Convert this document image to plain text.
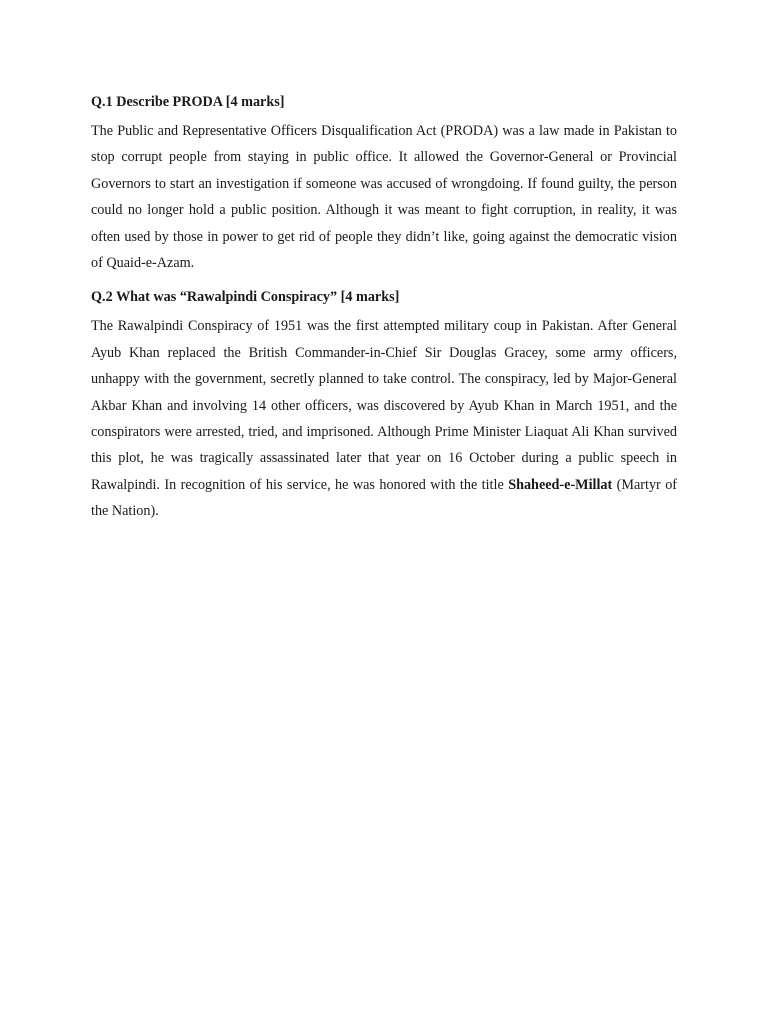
Q.1 Describe PRODA [4 marks]

The Public and Representative Officers Disqualification Act (PRODA) was a law made in Pakistan to stop corrupt people from staying in public office. It allowed the Governor-General or Provincial Governors to start an investigation if someone was accused of wrongdoing. If found guilty, the person could no longer hold a public position. Although it was meant to fight corruption, in reality, it was often used by those in power to get rid of people they didn’t like, going against the democratic vision of Quaid-e-Azam.

Q.2 What was “Rawalpindi Conspiracy” [4 marks]

The Rawalpindi Conspiracy of 1951 was the first attempted military coup in Pakistan. After General Ayub Khan replaced the British Commander-in-Chief Sir Douglas Gracey, some army officers, unhappy with the government, secretly planned to take control. The conspiracy, led by Major-General Akbar Khan and involving 14 other officers, was discovered by Ayub Khan in March 1951, and the conspirators were arrested, tried, and imprisoned. Although Prime Minister Liaquat Ali Khan survived this plot, he was tragically assassinated later that year on 16 October during a public speech in Rawalpindi. In recognition of his service, he was honored with the title Shaheed-e-Millat (Martyr of the Nation).
